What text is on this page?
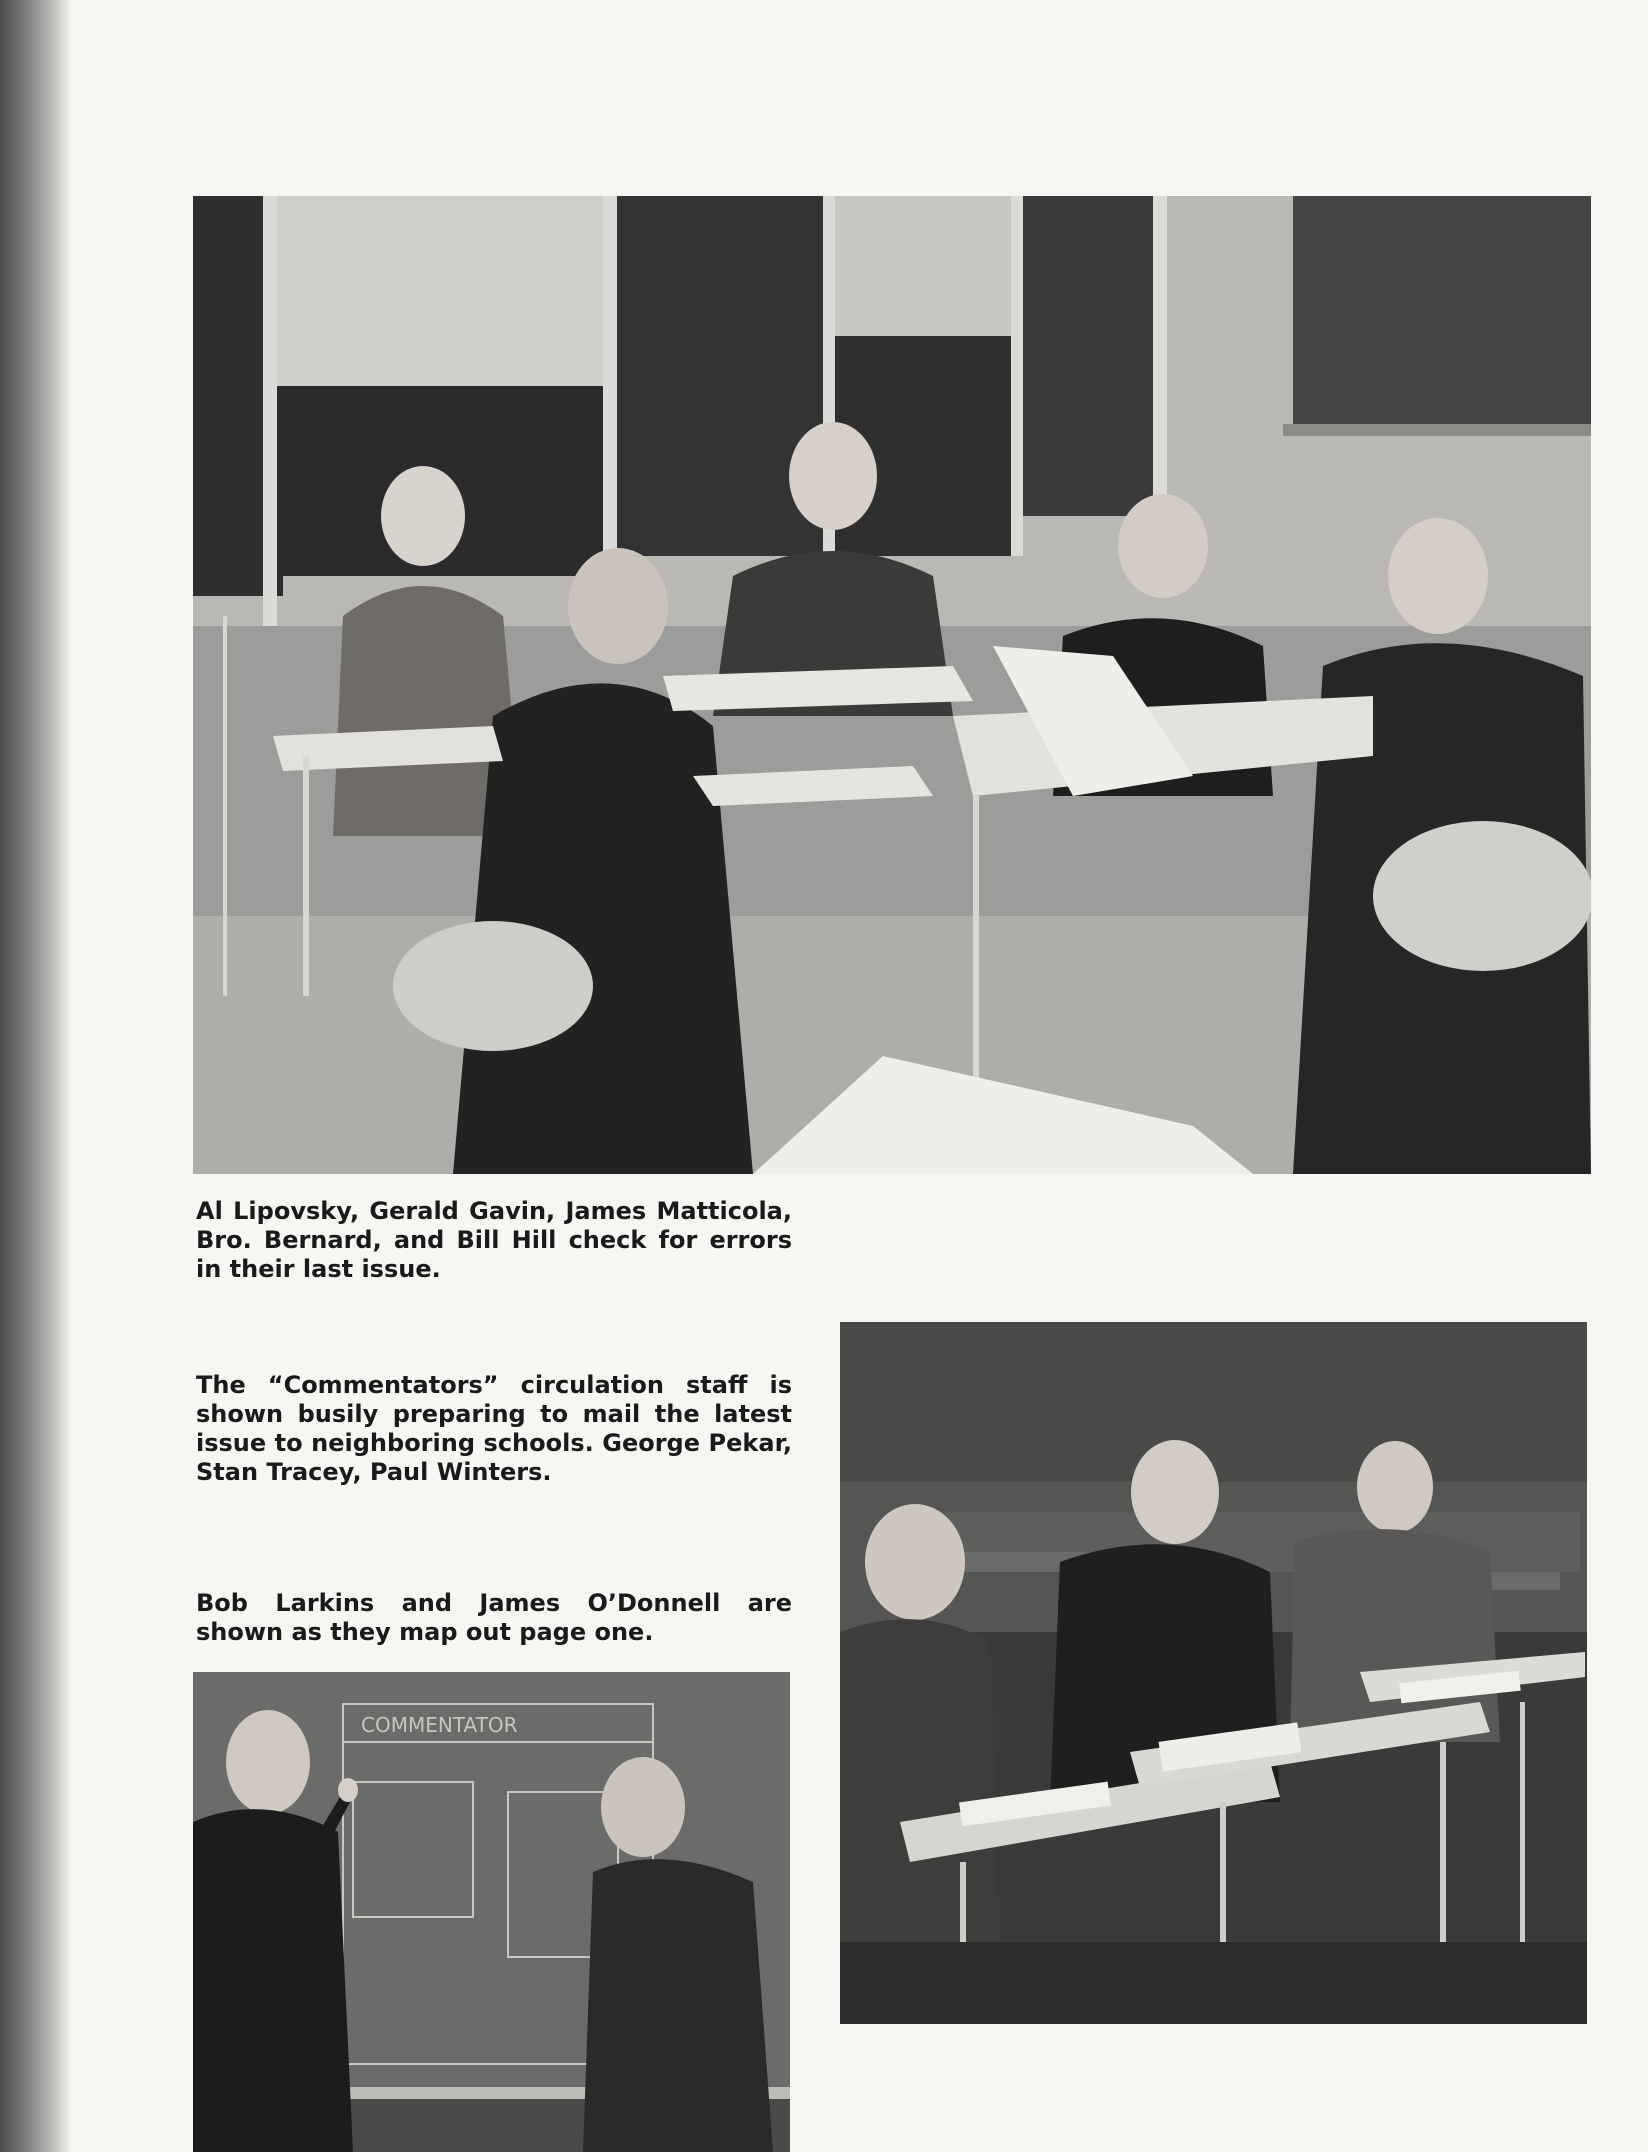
Al Lipovsky, Gerald Gavin, James Matticola, Bro. Bernard, and Bill Hill check for errors in their last issue.

The “Commentators” circulation staff is shown busily preparing to mail the latest issue to neighboring schools. George Pekar, Stan Tracey, Paul Winters.

Bob Larkins and James O’Donnell are shown as they map out page one.

COMMENTATOR
